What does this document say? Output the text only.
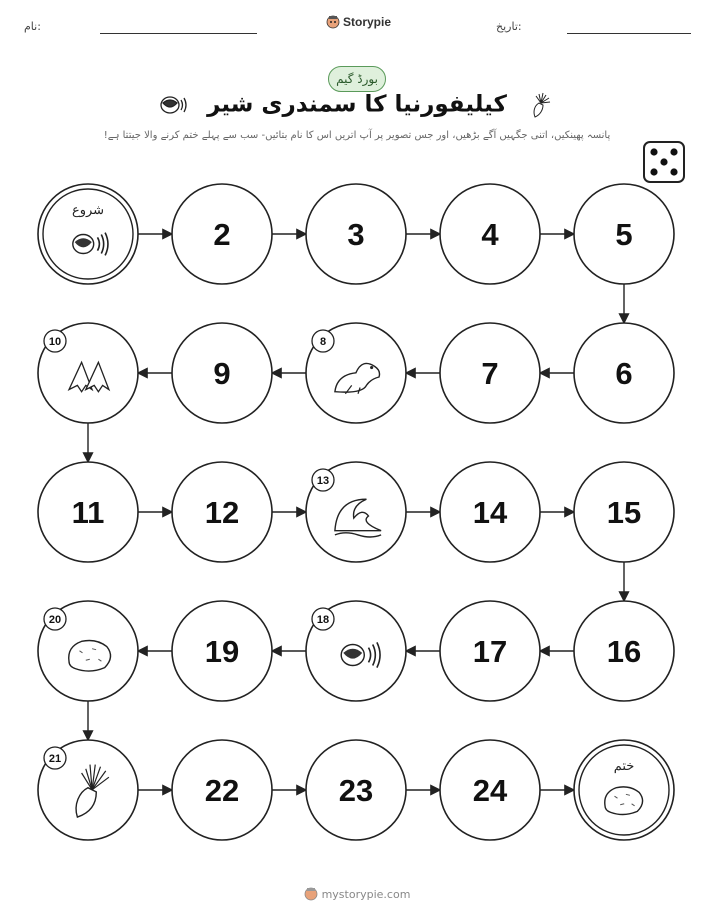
نام:	Storypie	تاریخ:
بورڈ گیم
کیلیفورنیا کا سمندری شیر
پانسہ پھینکیں، اتنی جگہیں آگے بڑھیں، اور جس تصویر پر آپ اتریں اس کا نام بتائیں- سب سے پہلے ختم کرنے والا جیتتا ہے!
شروع
2	3	4	5
6
7
8
9
10
11	12
13
14	15
16
17
18
19
20
21
22	23	24
ختم
mystorypie.com
